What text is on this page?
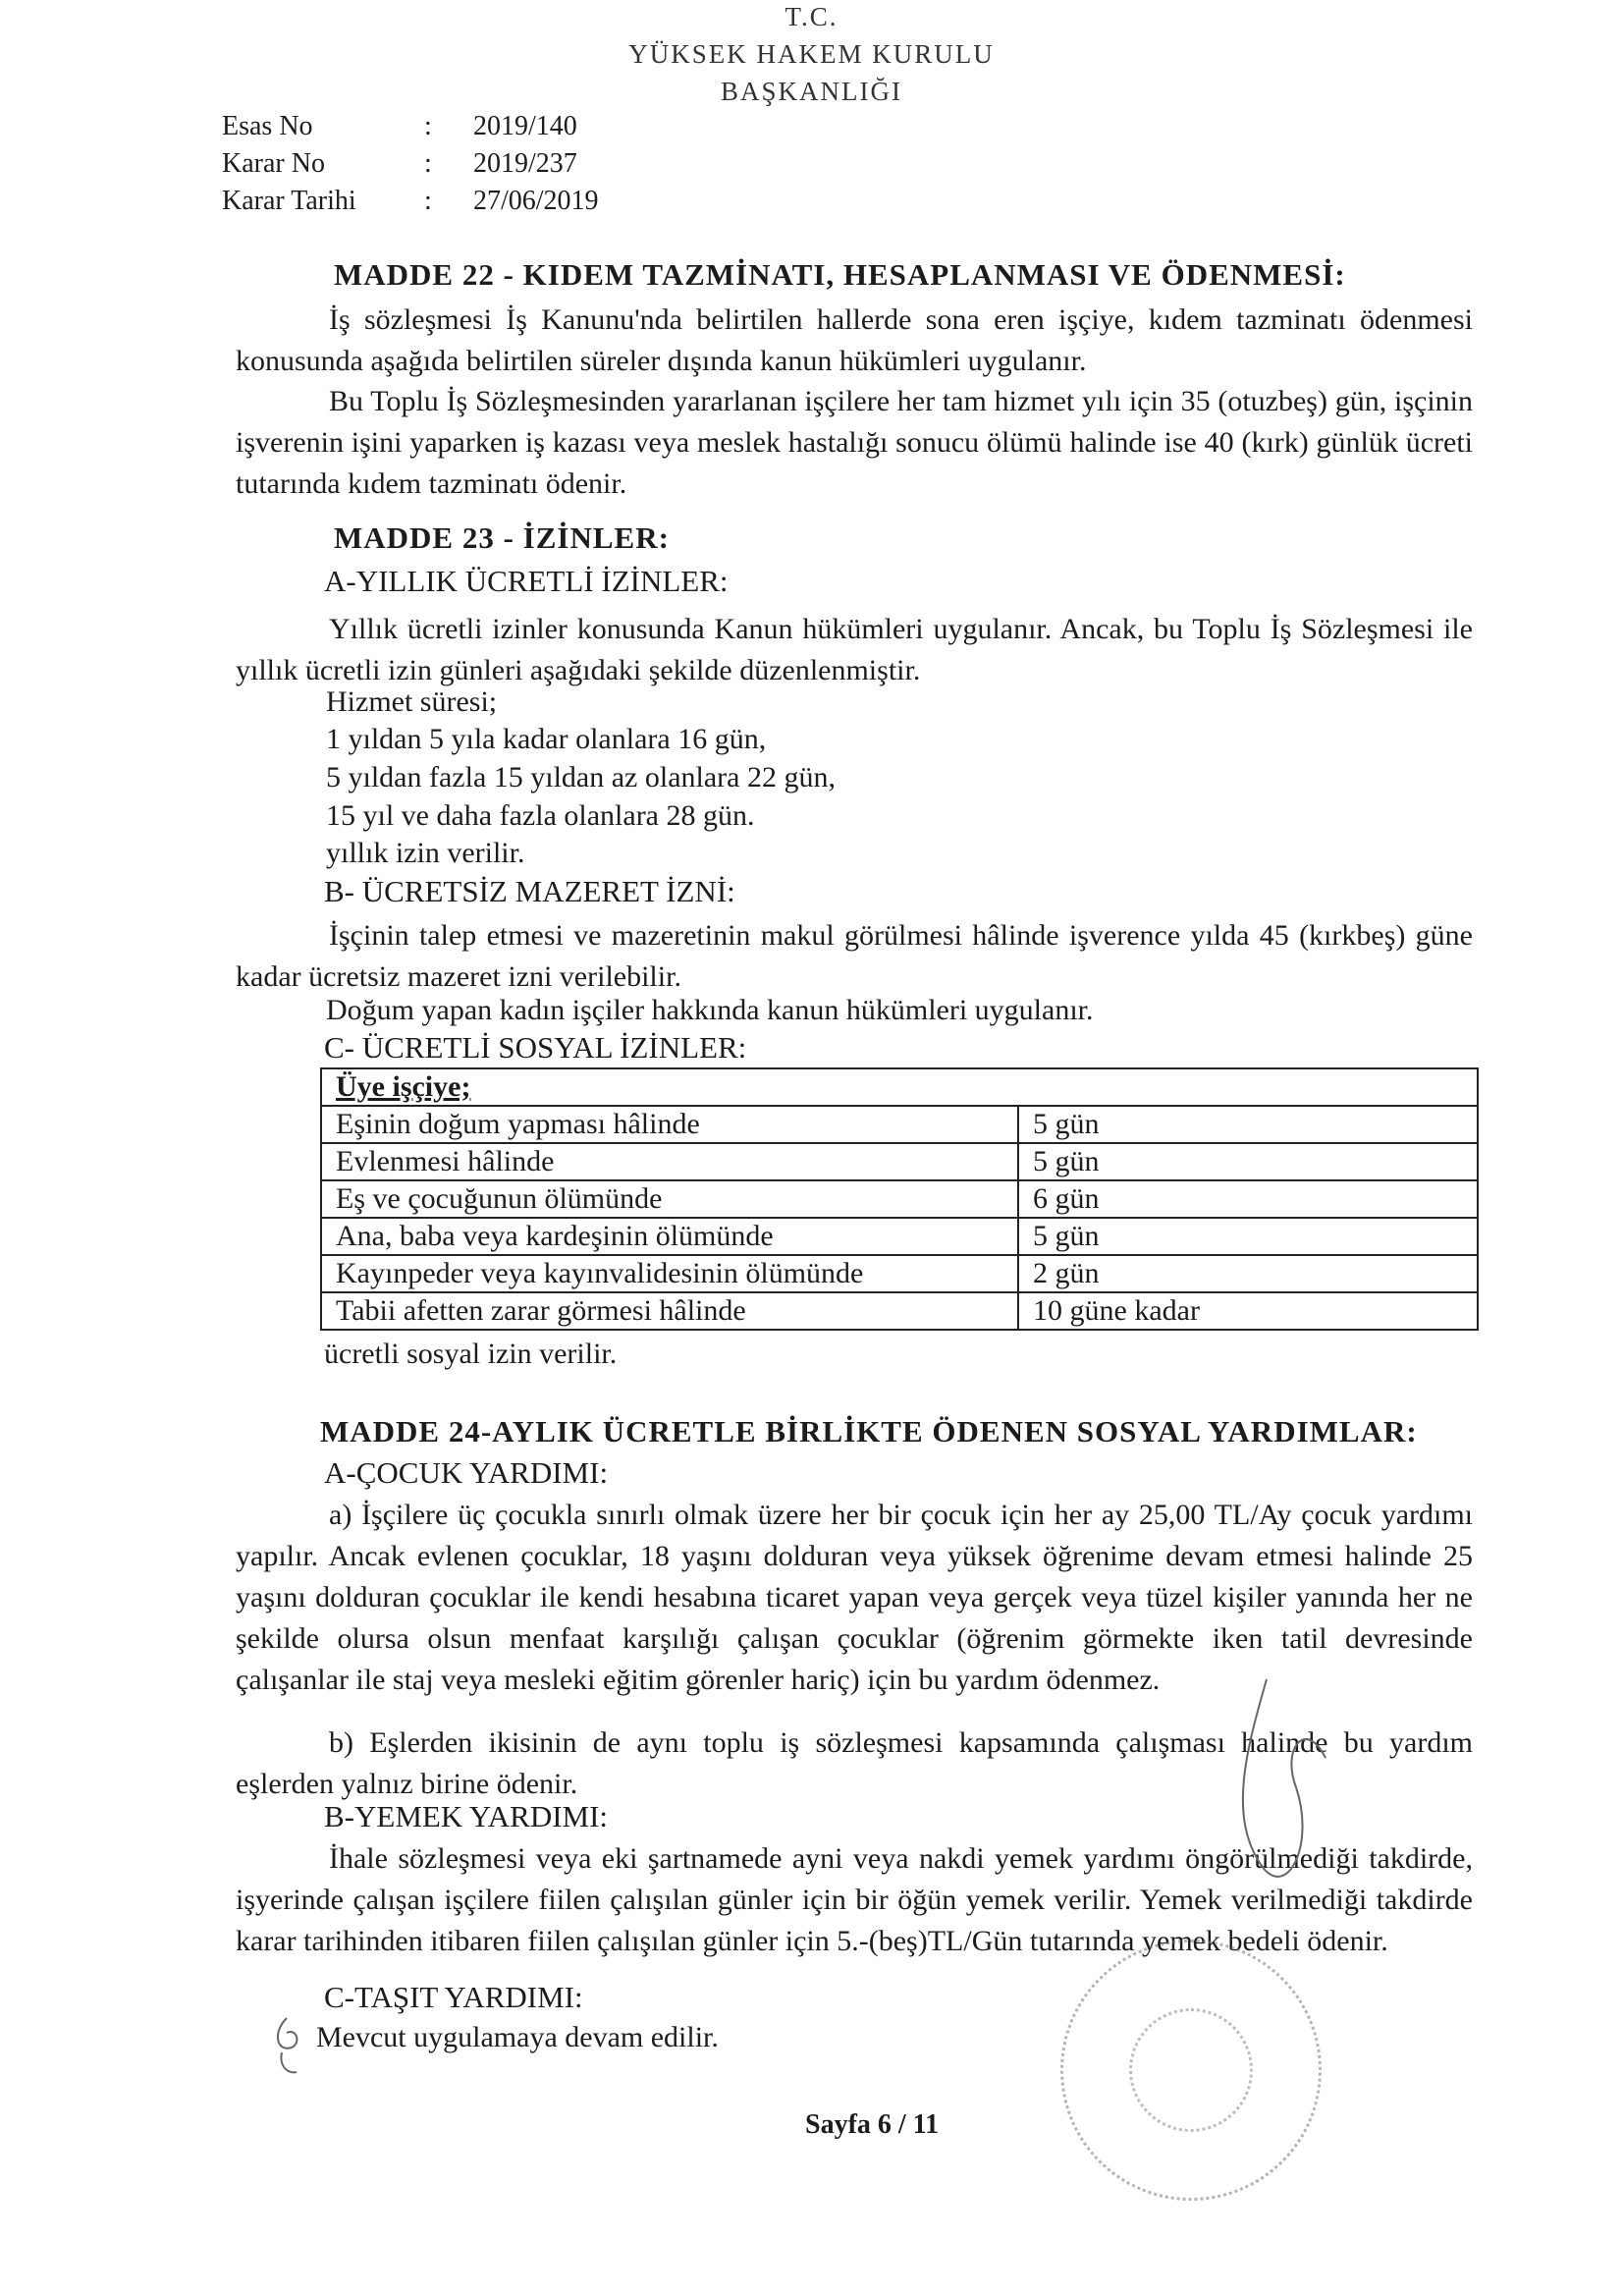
T.C.
YÜKSEK HAKEM KURULU
BAŞKANLIĞI
Esas No	: 2019/140
Karar No	: 2019/237
Karar Tarihi : 27/06/2019
MADDE 22 - KIDEM TAZMİNATI, HESAPLANMASI VE ÖDENMESİ:
İş sözleşmesi İş Kanunu'nda belirtilen hallerde sona eren işçiye, kıdem tazminatı ödenmesi konusunda aşağıda belirtilen süreler dışında kanun hükümleri uygulanır.
Bu Toplu İş Sözleşmesinden yararlanan işçilere her tam hizmet yılı için 35 (otuzbeş) gün, işçinin işverenin işini yaparken iş kazası veya meslek hastalığı sonucu ölümü halinde ise 40 (kırk) günlük ücreti tutarında kıdem tazminatı ödenir.
MADDE 23 - İZİNLER:
A-YILLIK ÜCRETLİ İZİNLER:
Yıllık ücretli izinler konusunda Kanun hükümleri uygulanır. Ancak, bu Toplu İş Sözleşmesi ile yıllık ücretli izin günleri aşağıdaki şekilde düzenlenmiştir.
Hizmet süresi;
1 yıldan 5 yıla kadar olanlara 16 gün,
5 yıldan fazla 15 yıldan az olanlara 22 gün,
15 yıl ve daha fazla olanlara 28 gün.
yıllık izin verilir.
B- ÜCRETSİZ MAZERET İZNİ:
İşçinin talep etmesi ve mazeretinin makul görülmesi hâlinde işverence yılda 45 (kırkbeş) güne kadar ücretsiz mazeret izni verilebilir.
Doğum yapan kadın işçiler hakkında kanun hükümleri uygulanır.
C- ÜCRETLİ SOSYAL İZİNLER:
Üye işçiye;	
Eşinin doğum yapması hâlinde	5 gün
Evlenmesi hâlinde	5 gün
Eş ve çocuğunun ölümünde	6 gün
Ana, baba veya kardeşinin ölümünde	5 gün
Kayınpeder veya kayınvalidesinin ölümünde	2 gün
Tabii afetten zarar görmesi hâlinde	10 güne kadar
ücretli sosyal izin verilir.
MADDE 24-AYLIK ÜCRETLE BİRLİKTE ÖDENEN SOSYAL YARDIMLAR:
A-ÇOCUK YARDIMI:
a) İşçilere üç çocukla sınırlı olmak üzere her bir çocuk için her ay 25,00 TL/Ay çocuk yardımı yapılır. Ancak evlenen çocuklar, 18 yaşını dolduran veya yüksek öğrenime devam etmesi halinde 25 yaşını dolduran çocuklar ile kendi hesabına ticaret yapan veya gerçek veya tüzel kişiler yanında her ne şekilde olursa olsun menfaat karşılığı çalışan çocuklar (öğrenim görmekte iken tatil devresinde çalışanlar ile staj veya mesleki eğitim görenler hariç) için bu yardım ödenmez.
b) Eşlerden ikisinin de aynı toplu iş sözleşmesi kapsamında çalışması halinde bu yardım eşlerden yalnız birine ödenir.
B-YEMEK YARDIMI:
İhale sözleşmesi veya eki şartnamede ayni veya nakdi yemek yardımı öngörülmediği takdirde, işyerinde çalışan işçilere fiilen çalışılan günler için bir öğün yemek verilir. Yemek verilmediği takdirde karar tarihinden itibaren fiilen çalışılan günler için 5.-(beş)TL/Gün tutarında yemek bedeli ödenir.
C-TAŞIT YARDIMI:
Mevcut uygulamaya devam edilir.
Sayfa 6 / 11
